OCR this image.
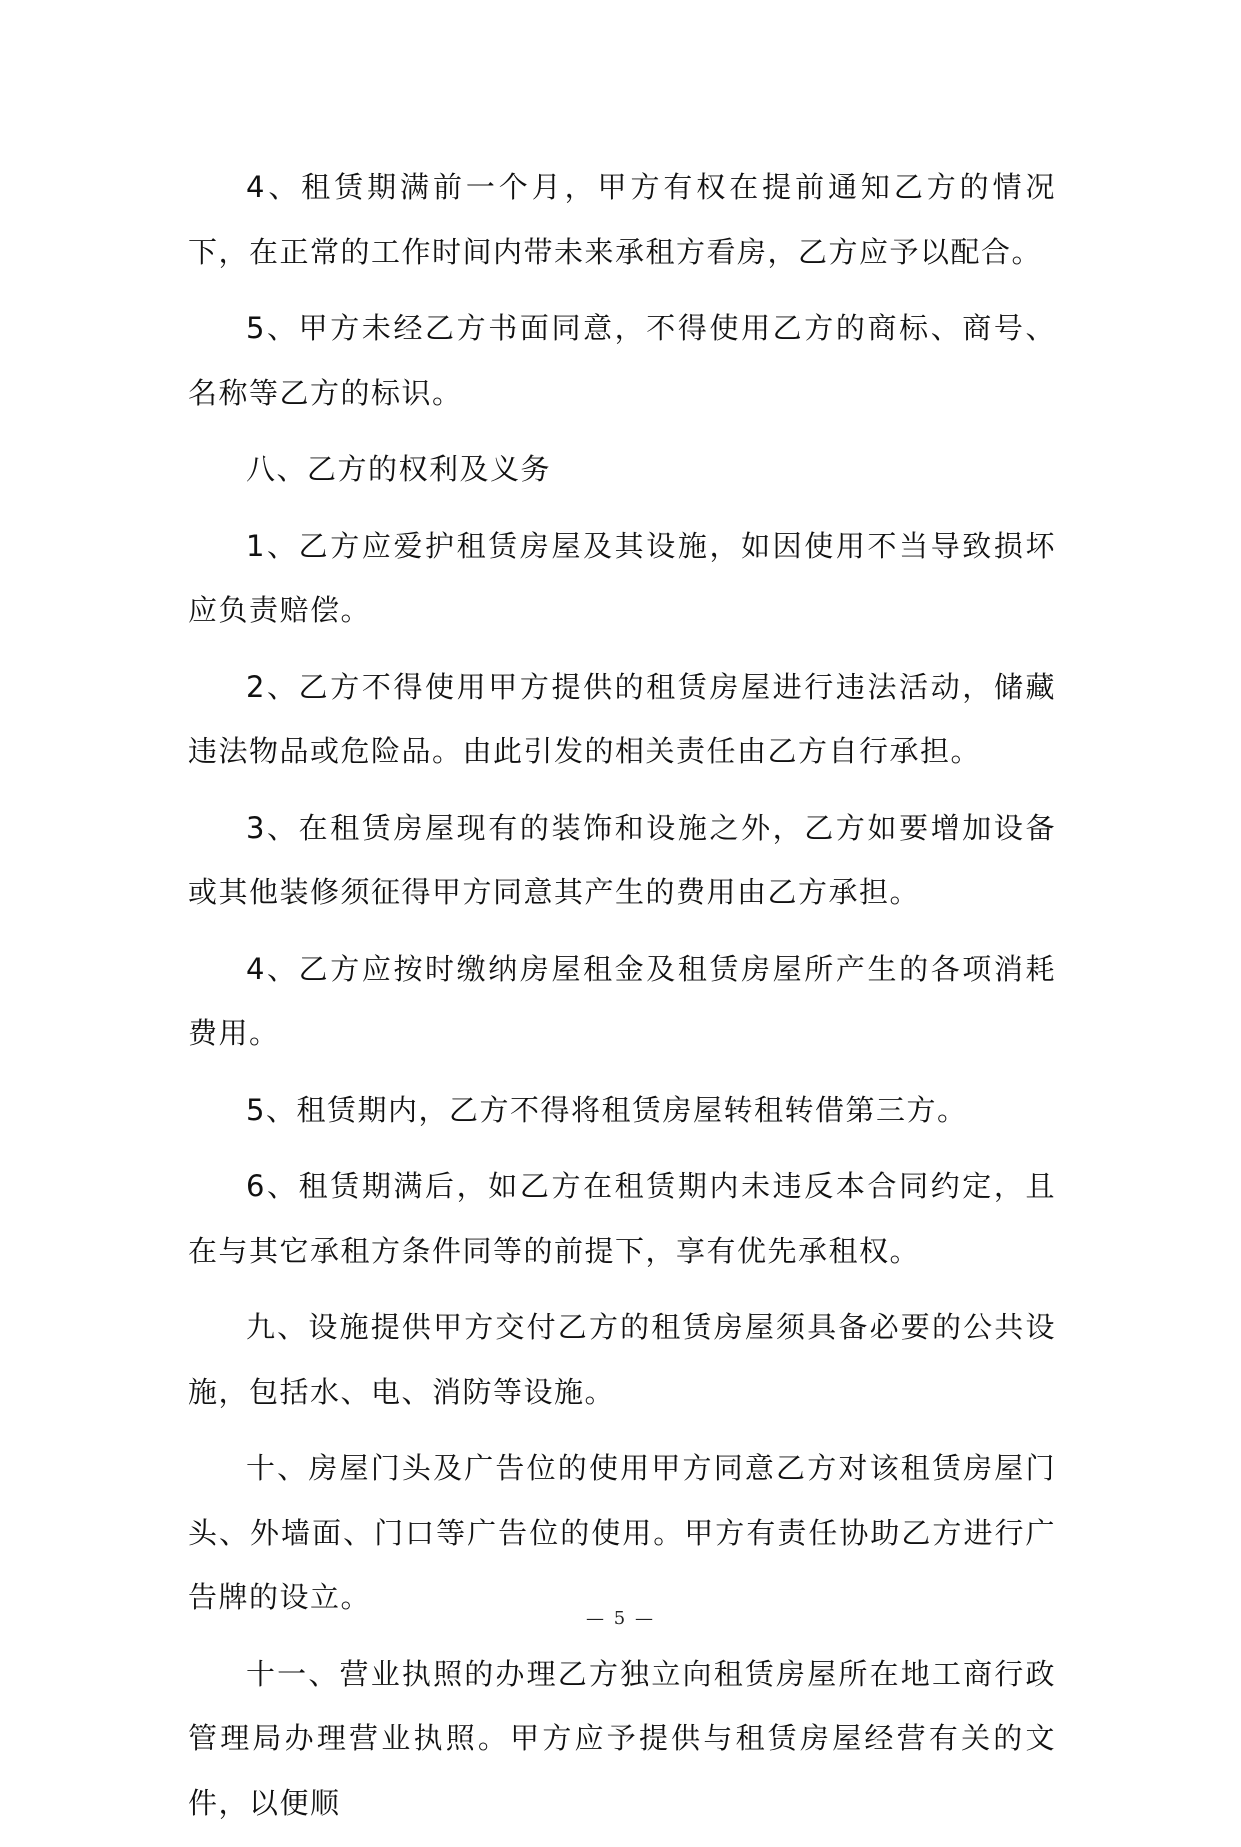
4、租赁期满前一个月，甲方有权在提前通知乙方的情况下，在正常的工作时间内带未来承租方看房，乙方应予以配合。

5、甲方未经乙方书面同意，不得使用乙方的商标、商号、名称等乙方的标识。

八、乙方的权利及义务

1、乙方应爱护租赁房屋及其设施，如因使用不当导致损坏应负责赔偿。

2、乙方不得使用甲方提供的租赁房屋进行违法活动，储藏违法物品或危险品。由此引发的相关责任由乙方自行承担。

3、在租赁房屋现有的装饰和设施之外，乙方如要增加设备或其他装修须征得甲方同意其产生的费用由乙方承担。

4、乙方应按时缴纳房屋租金及租赁房屋所产生的各项消耗费用。

5、租赁期内，乙方不得将租赁房屋转租转借第三方。

6、租赁期满后，如乙方在租赁期内未违反本合同约定，且在与其它承租方条件同等的前提下，享有优先承租权。

九、设施提供甲方交付乙方的租赁房屋须具备必要的公共设施，包括水、电、消防等设施。

十、房屋门头及广告位的使用甲方同意乙方对该租赁房屋门头、外墙面、门口等广告位的使用。甲方有责任协助乙方进行广告牌的设立。

十一、营业执照的办理乙方独立向租赁房屋所在地工商行政管理局办理营业执照。甲方应予提供与租赁房屋经营有关的文件，以便顺

— 5 —
